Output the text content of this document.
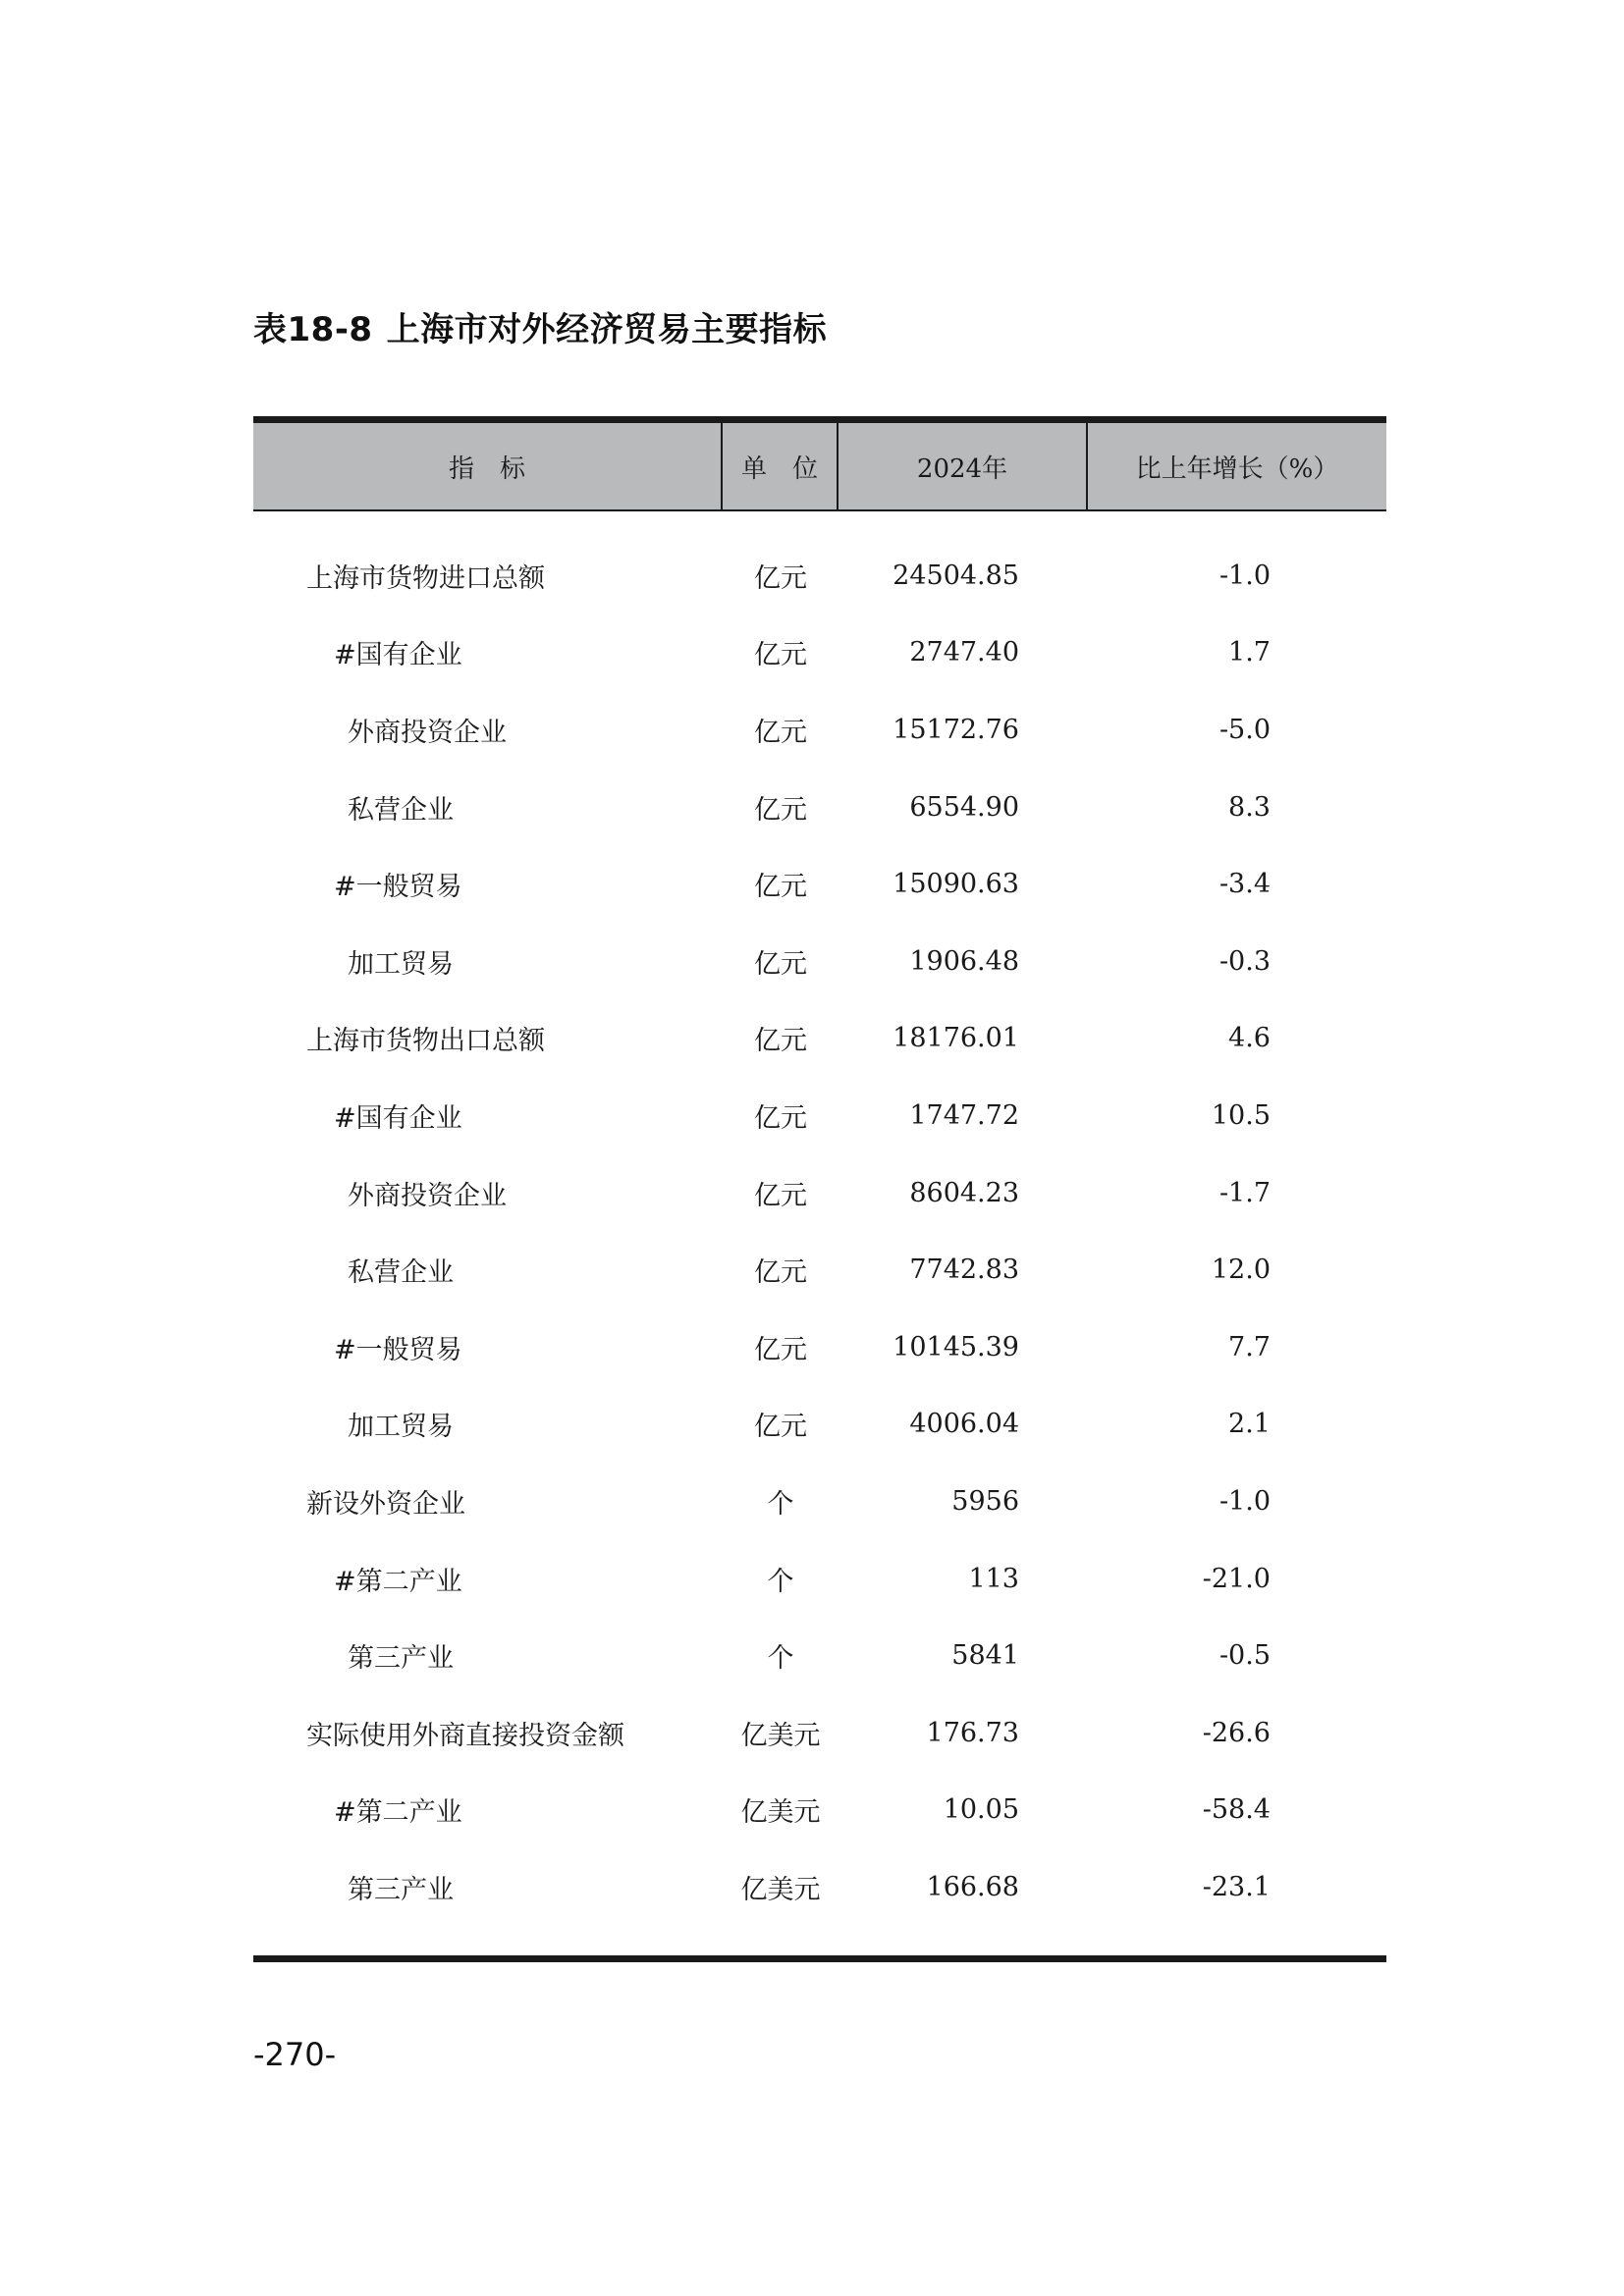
表18-8 上海市对外经济贸易主要指标
指　标	单　位	2024年	比上年增长（%）
上海市货物进口总额	亿元	24504.85	-1.0
#国有企业	亿元	2747.40	1.7
外商投资企业	亿元	15172.76	-5.0
私营企业	亿元	6554.90	8.3
#一般贸易	亿元	15090.63	-3.4
加工贸易	亿元	1906.48	-0.3
上海市货物出口总额	亿元	18176.01	4.6
#国有企业	亿元	1747.72	10.5
外商投资企业	亿元	8604.23	-1.7
私营企业	亿元	7742.83	12.0
#一般贸易	亿元	10145.39	7.7
加工贸易	亿元	4006.04	2.1
新设外资企业	个	5956	-1.0
#第二产业	个	113	-21.0
第三产业	个	5841	-0.5
实际使用外商直接投资金额	亿美元	176.73	-26.6
#第二产业	亿美元	10.05	-58.4
第三产业	亿美元	166.68	-23.1
-270-
